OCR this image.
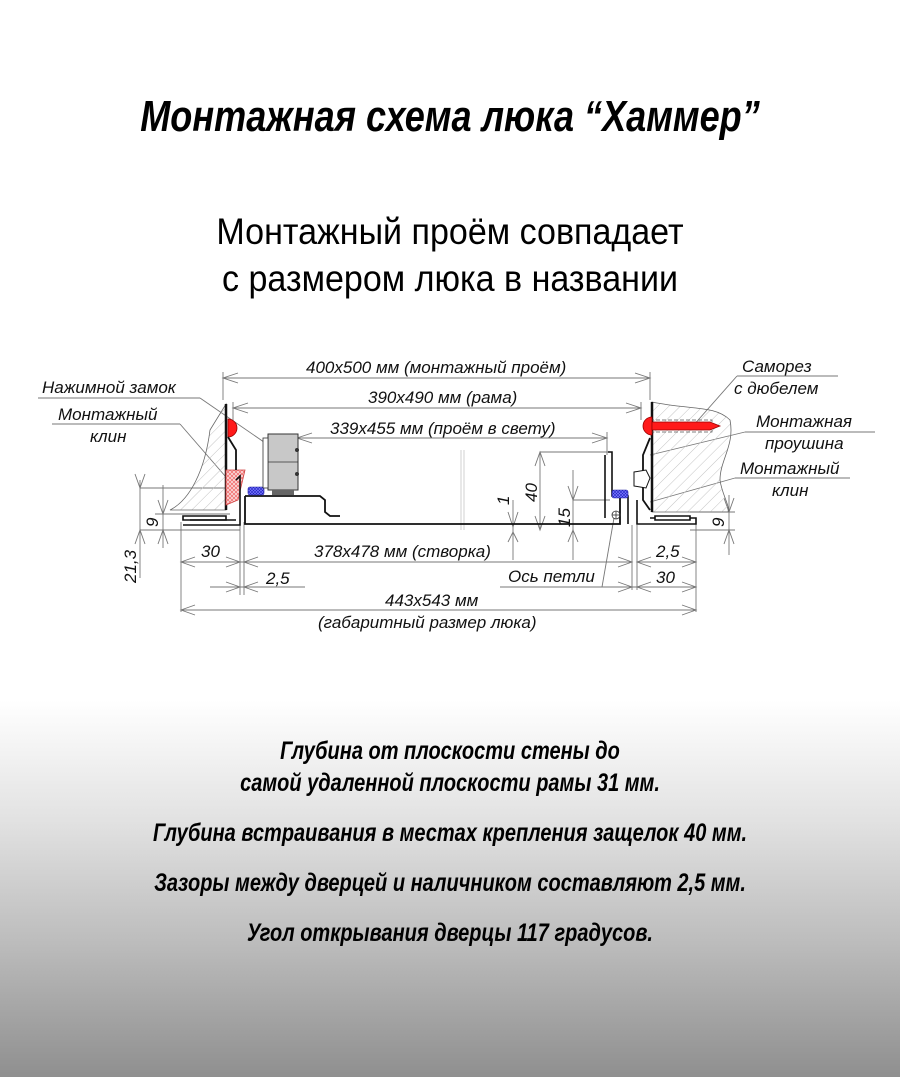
Монтажная схема люка “Хаммер”
Монтажный проём совпадает
с размером люка в названии
Нажимной замок
Монтажный
клин
Саморез
с дюбелем
Монтажная
проушина
Монтажный
клин
Ось петли
400х500 мм (монтажный проём)
390х490 мм (рама)
339х455 мм (проём в свету)
378х478 мм (створка)
443х543 мм
(габаритный размер люка)
30
2,5
2,5
30
9	9
21,3
1 40
15
Глубина от плоскости стены до
самой удаленной плоскости рамы 31 мм.
Глубина встраивания в местах крепления защелок 40 мм.
Зазоры между дверцей и наличником составляют 2,5 мм.
Угол открывания дверцы 117 градусов.
